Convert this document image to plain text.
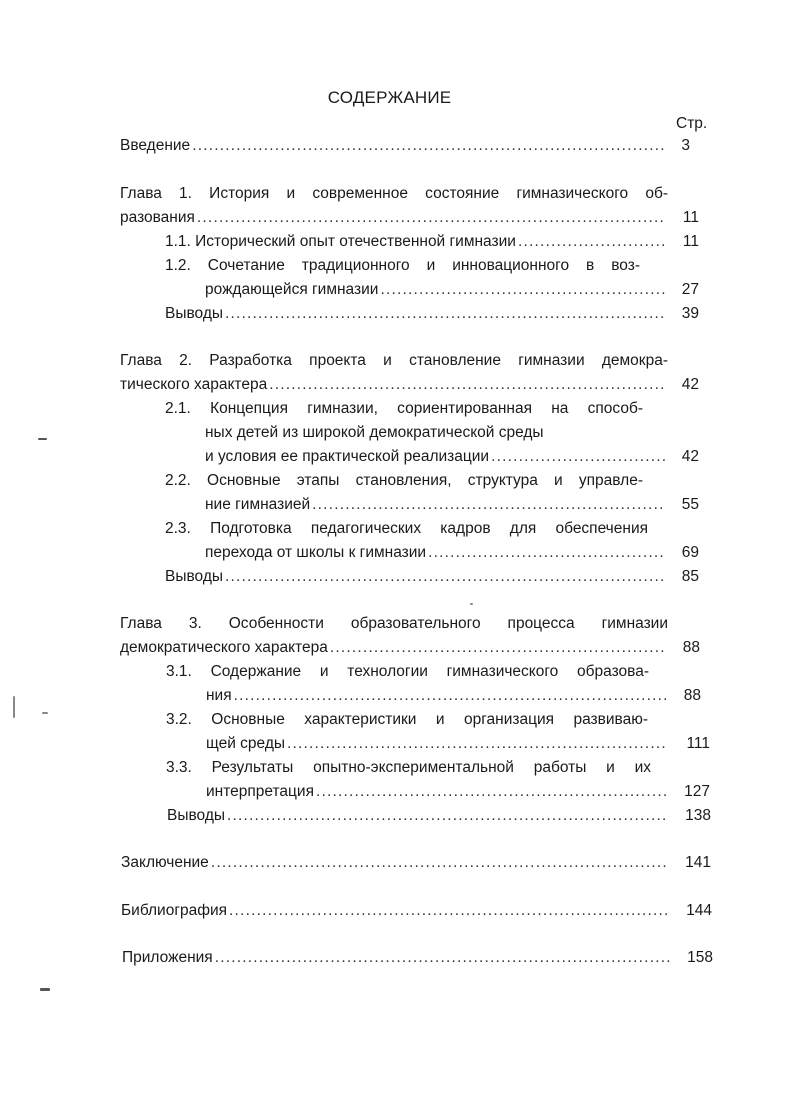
СОДЕРЖАНИЕ
Стр.
Введение .....	3
Глава 1. История и современное состояние гимназического об-
разования .....	11
1.1. Исторический опыт отечественной гимназии .....	11
1.2. Сочетание традиционного и инновационного в воз-
рождающейся гимназии .....	27
Выводы .....	39
Глава 2. Разработка проекта и становление гимназии демокра-
тического характера .....	42
2.1. Концепция гимназии, сориентированная на способ-
ных детей из широкой демократической среды
и условия ее практической реализации .....	42
2.2. Основные этапы становления, структура и управле-
ние гимназией .....	55
2.3. Подготовка педагогических кадров для обеспечения
перехода от школы к гимназии .....	69
Выводы .....	85
Глава 3. Особенности образовательного процесса гимназии
демократического характера .....	88
3.1. Содержание и технологии гимназического образова-
ния .....	88
3.2. Основные характеристики и организация развиваю-
щей среды .....	111
3.3. Результаты опытно-экспериментальной работы и их
интерпретация .....	127
Выводы .....	138
Заключение .....	141
Библиография .....	144
Приложения .....	158
